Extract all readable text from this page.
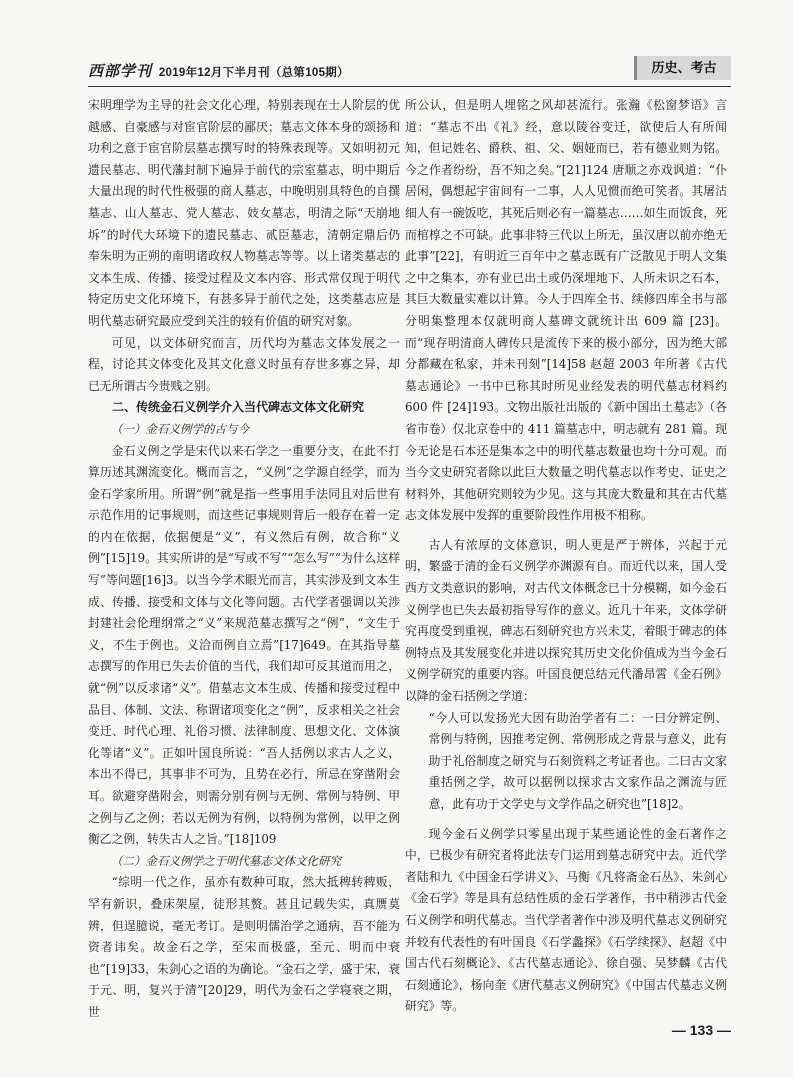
西部学刊 2019年12月下半月刊（总第105期）	历史、考古

宋明理学为主导的社会文化心理，特别表现在士人阶层的优越感、自豪感与对宦官阶层的鄙厌；墓志文体本身的颂扬和功利之意于宦官阶层墓志撰写时的特殊表现等。又如明初元遗民墓志、明代藩封制下遍异于前代的宗室墓志，明中期后大量出现的时代性极强的商人墓志，中晚明别具特色的自撰墓志、山人墓志、党人墓志、妓女墓志，明清之际“天崩地坼”的时代大环境下的遗民墓志、贰臣墓志，清朝定鼎后仍奉朱明为正朔的南明诸政权人物墓志等等。以上诸类墓志的文本生成、传播、接受过程及文本内容、形式常仅现于明代特定历史文化环境下，有甚多异于前代之处，这类墓志应是明代墓志研究最应受到关注的较有价值的研究对象。

可见，以文体研究而言，历代均为墓志文体发展之一程，讨论其文体变化及其文化意义时虽有存世多寡之异，却已无所谓古今贵贱之别。

二、传统金石义例学介入当代碑志文体文化研究
（一）金石义例学的古与今

金石义例之学是宋代以来石学之一重要分支，在此不打算历述其渊流变化。概而言之，“义例”之学源自经学，而为金石学家所用。所谓“例”就是指一些事用手法同且对后世有示范作用的记事规则，而这些记事规则背后一般存在着一定的内在依据，依据便是“义”，有义然后有例，故合称“义例”[15]19。其实所讲的是“写或不写”“怎么写”“为什么这样写”等问题[16]3。以当今学术眼光而言，其实涉及到文本生成、传播、接受和文体与文化等问题。古代学者强调以关涉封建社会伦理纲常之“义”来规范墓志撰写之“例”，“文生于义，不生于例也。义洽而例自立焉”[17]649。在其指导墓志撰写的作用已失去价值的当代，我们却可反其道而用之，就“例”以反求诸“义”。借墓志文本生成、传播和接受过程中品目、体制、文法、称谓诸项变化之“例”，反求相关之社会变迁、时代心理、礼俗习惯、法律制度、思想文化、文体演化等诸“义”。正如叶国良所说：“吾人括例以求古人之义，本出不得已，其事非不可为，且势在必行，所忌在穿凿附会耳。欲避穿凿附会，则需分别有例与无例、常例与特例、甲之例与乙之例；若以无例为有例，以特例为常例，以甲之例衡乙之例，转失古人之旨。”[18]109

（二）金石义例学之于明代墓志文体文化研究

“综明一代之作，虽亦有数种可取，然大抵稗转稗贩，罕有新识，叠床架屋，徒形其赘。甚且记载失实，真赝莫辨，但逞臆说，毫无考订。是则明儒治学之通病，吾不能为资者讳矣。故金石之学，至宋而极盛，至元、明而中衰也”[19]33，朱剑心之语的为确论。“金石之学，盛于宋，衰于元、明，复兴于清”[20]29，明代为金石之学寝衰之期，世

所公认，但是明人埋铭之风却甚流行。张瀚《松窗梦语》言道：“墓志不出《礼》经，意以陵谷变迁，欲使后人有所闻知，但记姓名、爵秩、祖、父、姻娅而已，若有德业则为铭。今之作者纷纷，吾不知之矣。”[21]124 唐顺之亦戏讽道：“仆居闲，偶想起宇宙间有一二事，人人见惯而绝可笑者。其屠沽细人有一碗饭吃，其死后则必有一篇墓志……如生而饭食，死而棺椁之不可缺。此事非特三代以上所无，虽汉唐以前亦绝无此事”[22]，有明近三百年中之墓志既有广泛散见于明人文集之中之集本，亦有业已出土或仍深埋地下、人所未识之石本，其巨大数量实难以计算。今人于四库全书、续修四库全书与部分明集整理本仅就明商人墓碑文就统计出 609 篇 [23]。而“现存明清商人碑传只是流传下来的极小部分，因为绝大部分都藏在私家，并未刊刻”[14]58 赵超 2003 年所著《古代墓志通论》一书中已称其时所见业经发表的明代墓志材料约 600 件 [24]193。文物出版社出版的《新中国出土墓志》（各省市卷）仅北京卷中的 411 篇墓志中，明志就有 281 篇。现今无论是石本还是集本之中的明代墓志数量也均十分可观。而当今文史研究者除以此巨大数量之明代墓志以作考史、证史之材料外，其他研究则较为少见。这与其庞大数量和其在古代墓志文体发展中发挥的重要阶段性作用极不相称。

古人有浓厚的文体意识，明人更是严于辨体，兴起于元明，繁盛于清的金石义例学亦渊源有自。而近代以来，国人受西方文类意识的影响，对古代文体概念已十分模糊，如今金石义例学也已失去最初指导写作的意义。近几十年来，文体学研究再度受到重视，碑志石刻研究也方兴未艾，着眼于碑志的体例特点及其发展变化并进以探究其历史文化价值成为当今金石义例学研究的重要内容。叶国良便总结元代潘昂霄《金石例》以降的金石括例之学道：

“今人可以发扬光大因有助治学者有二：一曰分辨定例、常例与特例，因推考定例、常例形成之背景与意义，此有助于礼俗制度之研究与石刻资料之考证者也。二曰古文家重括例之学，故可以据例以探求古文家作品之渊流与匠意，此有功于文学史与文学作品之研究也”[18]2。

现今金石义例学只零星出现于某些通论性的金石著作之中，已极少有研究者将此法专门运用到墓志研究中去。近代学者陆和九《中国金石学讲义》、马衡《凡将斋金石丛》、朱剑心《金石学》等是具有总结性质的金石学著作，书中稍涉古代金石义例学和明代墓志。当代学者著作中涉及明代墓志义例研究并较有代表性的有叶国良《石学蠡探》《石学续探》、赵超《中国古代石刻概论》、《古代墓志通论》、徐自强、吴梦麟《古代石刻通论》，杨向奎《唐代墓志义例研究》《中国古代墓志义例研究》等。

— 133 —
